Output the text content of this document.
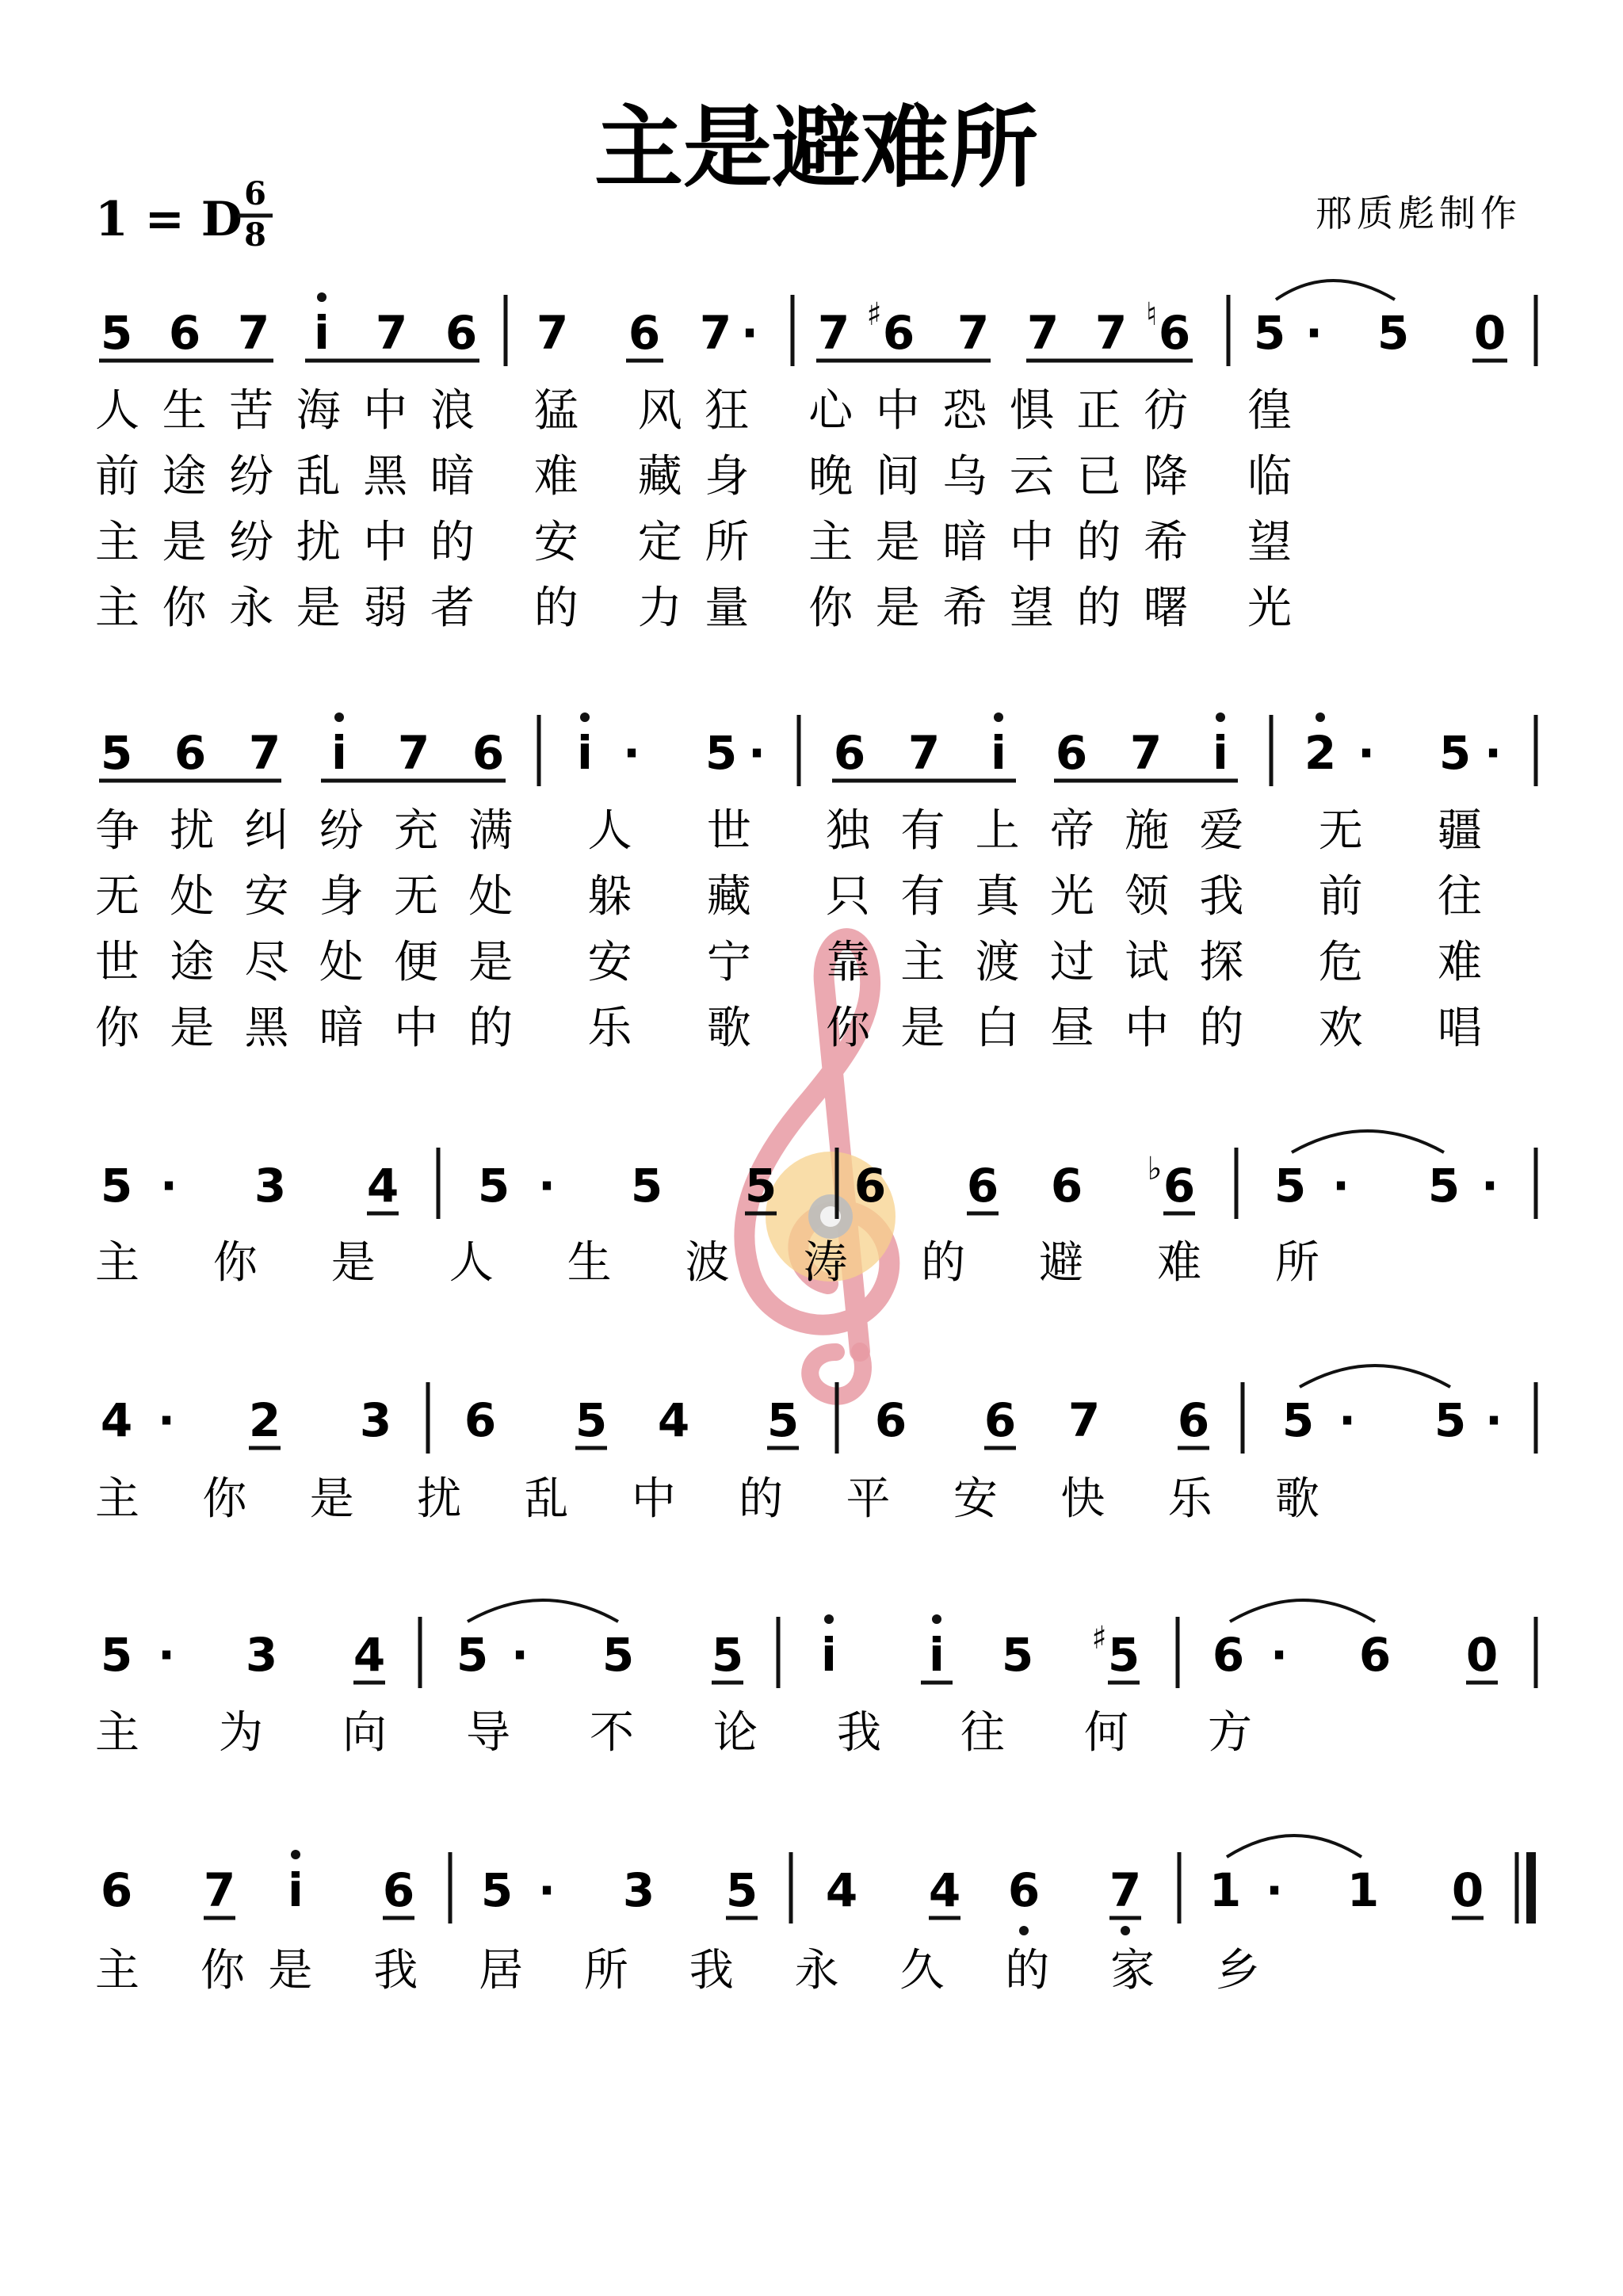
主是避难所
邢质彪制作
1 = D 6
8
5 6 7 i 7 6 7 6 7 · 7 ♯ 6 7 7 7 ♮ 6 5 · 5 0
人生苦海中浪 猛 风狂 心中恐惧正彷 徨
前途纷乱黑暗 难 藏身 晚间乌云已降 临
主是纷扰中的 安 定所 主是暗中的希 望
主你永是弱者 的 力量 你是希望的曙 光
5 6 7 i 7 6 i · 5 · 6 7 i 6 7 i 2 · 5 ·
争扰纠纷充满 人 世 独有上帝施爱 无 疆
无处安身无处 躲 藏 只有真光领我 前 往
世途尽处便是 安 宁 靠主渡过试探 危 难
你是黑暗中的 乐 歌 你是白昼中的 欢 唱
5 · 3 4 5 · 5 5 6 6 6 ♭ 6 5 · 5 ·
主 你 是 人 生 波 涛 的 避 难 所
4 · 2 3 6 5 4 5 6 6 7 6 5 · 5 ·
主 你 是 扰 乱 中 的 平 安 快 乐 歌
5 · 3 4 5 · 5 5 i i 5 ♯ 5 6 · 6 0
主 为 向 导 不 论 我 往 何 方
6 7 i 6 5 · 3 5 4 4 6 7 1 · 1 0
主 你是 我 居 所 我 永 久 的 家 乡
